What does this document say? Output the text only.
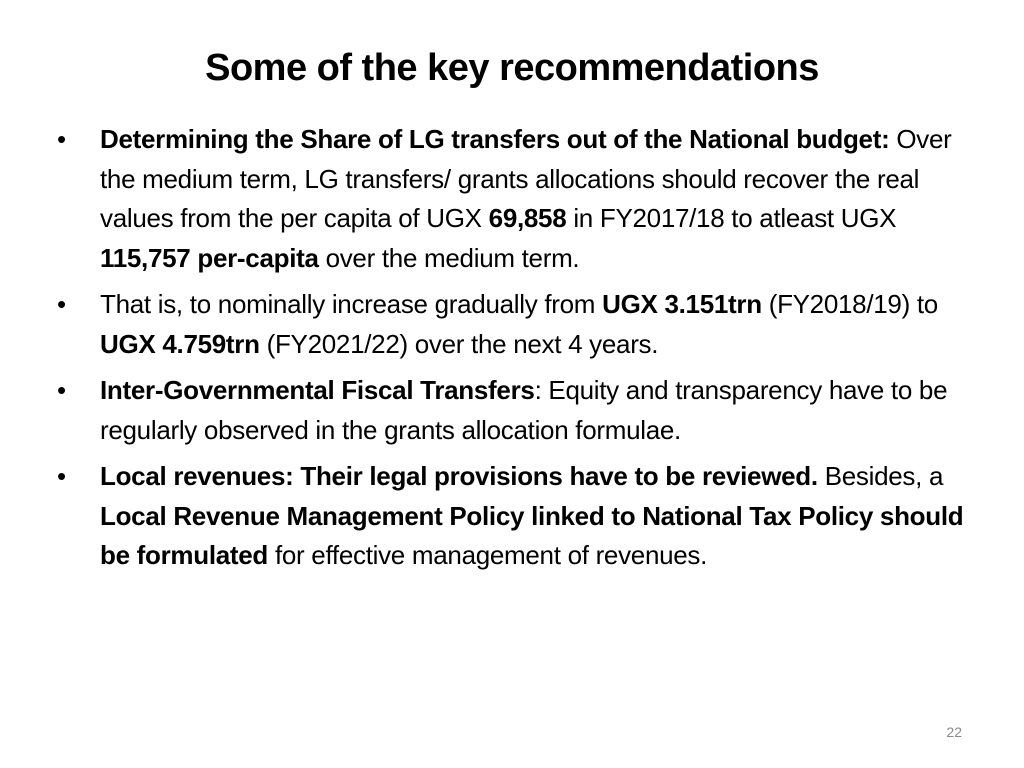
Some of the key recommendations
•	Determining the Share of LG transfers out of the National budget: Over the medium term, LG transfers/ grants allocations should recover the real values from the per capita of UGX 69,858 in FY2017/18 to atleast UGX 115,757 per-capita over the medium term.
•	That is, to nominally increase gradually from UGX 3.151trn (FY2018/19) to UGX 4.759trn (FY2021/22) over the next 4 years.
•	Inter-Governmental Fiscal Transfers: Equity and transparency have to be regularly observed in the grants allocation formulae.
•	Local revenues: Their legal provisions have to be reviewed. Besides, a Local Revenue Management Policy linked to National Tax Policy should be formulated for effective management of revenues.
22
